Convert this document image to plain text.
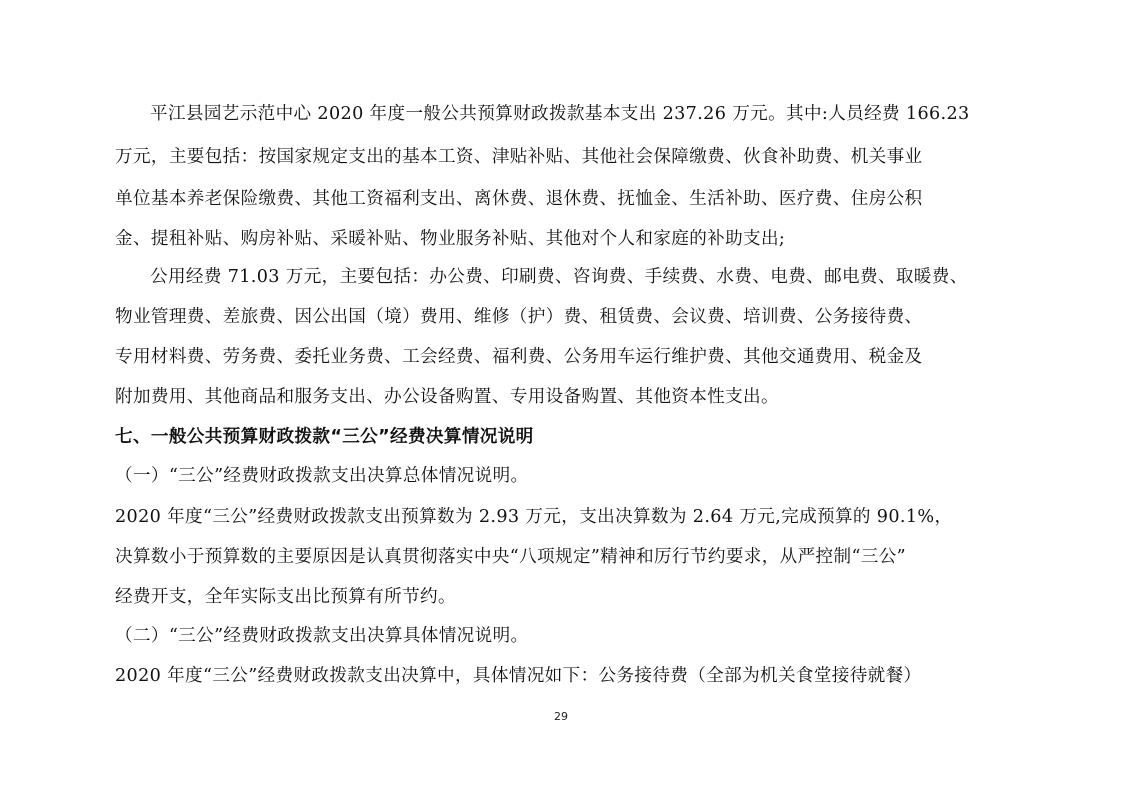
平江县园艺示范中心 2020 年度一般公共预算财政拨款基本支出 237.26 万元。其中:人员经费 166.23
万元，主要包括：按国家规定支出的基本工资、津贴补贴、其他社会保障缴费、伙食补助费、机关事业
单位基本养老保险缴费、其他工资福利支出、离休费、退休费、抚恤金、生活补助、医疗费、住房公积
金、提租补贴、购房补贴、采暖补贴、物业服务补贴、其他对个人和家庭的补助支出;
公用经费 71.03 万元，主要包括：办公费、印刷费、咨询费、手续费、水费、电费、邮电费、取暖费、
物业管理费、差旅费、因公出国（境）费用、维修（护）费、租赁费、会议费、培训费、公务接待费、
专用材料费、劳务费、委托业务费、工会经费、福利费、公务用车运行维护费、其他交通费用、税金及
附加费用、其他商品和服务支出、办公设备购置、专用设备购置、其他资本性支出。
七、一般公共预算财政拨款“三公”经费决算情况说明
（一）“三公”经费财政拨款支出决算总体情况说明。
2020 年度“三公”经费财政拨款支出预算数为 2.93 万元，支出决算数为 2.64 万元,完成预算的 90.1%，
决算数小于预算数的主要原因是认真贯彻落实中央“八项规定”精神和厉行节约要求，从严控制“三公”
经费开支，全年实际支出比预算有所节约。
（二）“三公”经费财政拨款支出决算具体情况说明。
2020 年度“三公”经费财政拨款支出决算中，具体情况如下：公务接待费（全部为机关食堂接待就餐）
29
